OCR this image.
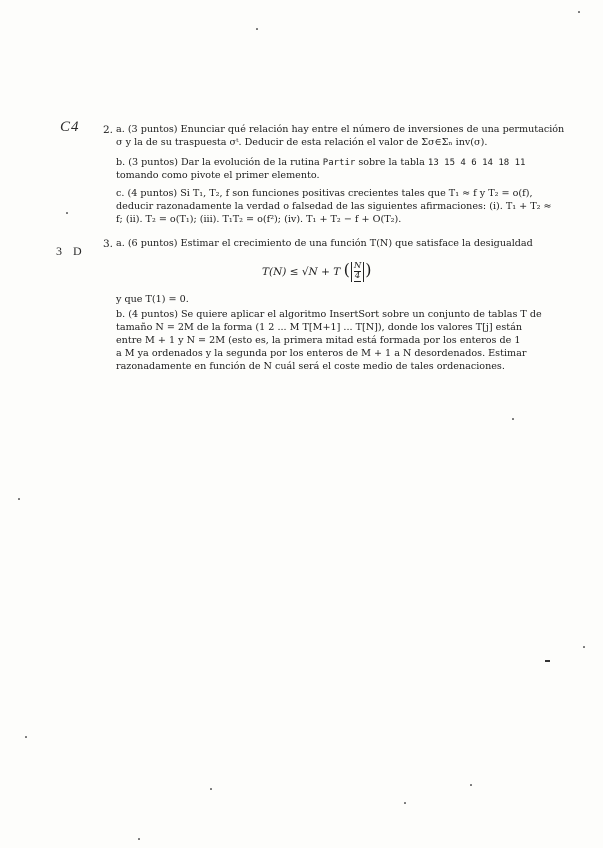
C4
3 D
2. a. (3 puntos) Enunciar qué relación hay entre el número de inversiones de una permutación
σ y la de su traspuesta σᵗ. Deducir de esta relación el valor de Σσ∈Σₙ inv(σ).
b. (3 puntos) Dar la evolución de la rutina Partir sobre la tabla 13 15 4 6 14 18 11
tomando como pivote el primer elemento.
c. (4 puntos) Si T₁, T₂, f son funciones positivas crecientes tales que T₁ ≈ f y T₂ = o(f),
deducir razonadamente la verdad o falsedad de las siguientes afirmaciones: (i). T₁ + T₂ ≈
f; (ii). T₂ = o(T₁); (iii). T₁T₂ = o(f²); (iv). T₁ + T₂ − f + O(T₂).
3. a. (6 puntos) Estimar el crecimiento de una función T(N) que satisface la desigualdad
T(N) ≤ √N + T ( $\frac{N}{4}$ )
y que T(1) = 0.
b. (4 puntos) Se quiere aplicar el algoritmo InsertSort sobre un conjunto de tablas T de
tamaño N = 2M de la forma (1 2 ... M T[M+1] ... T[N]), donde los valores T[j] están
entre M + 1 y N = 2M (esto es, la primera mitad está formada por los enteros de 1
a M ya ordenados y la segunda por los enteros de M + 1 a N desordenados. Estimar
razonadamente en función de N cuál será el coste medio de tales ordenaciones.
